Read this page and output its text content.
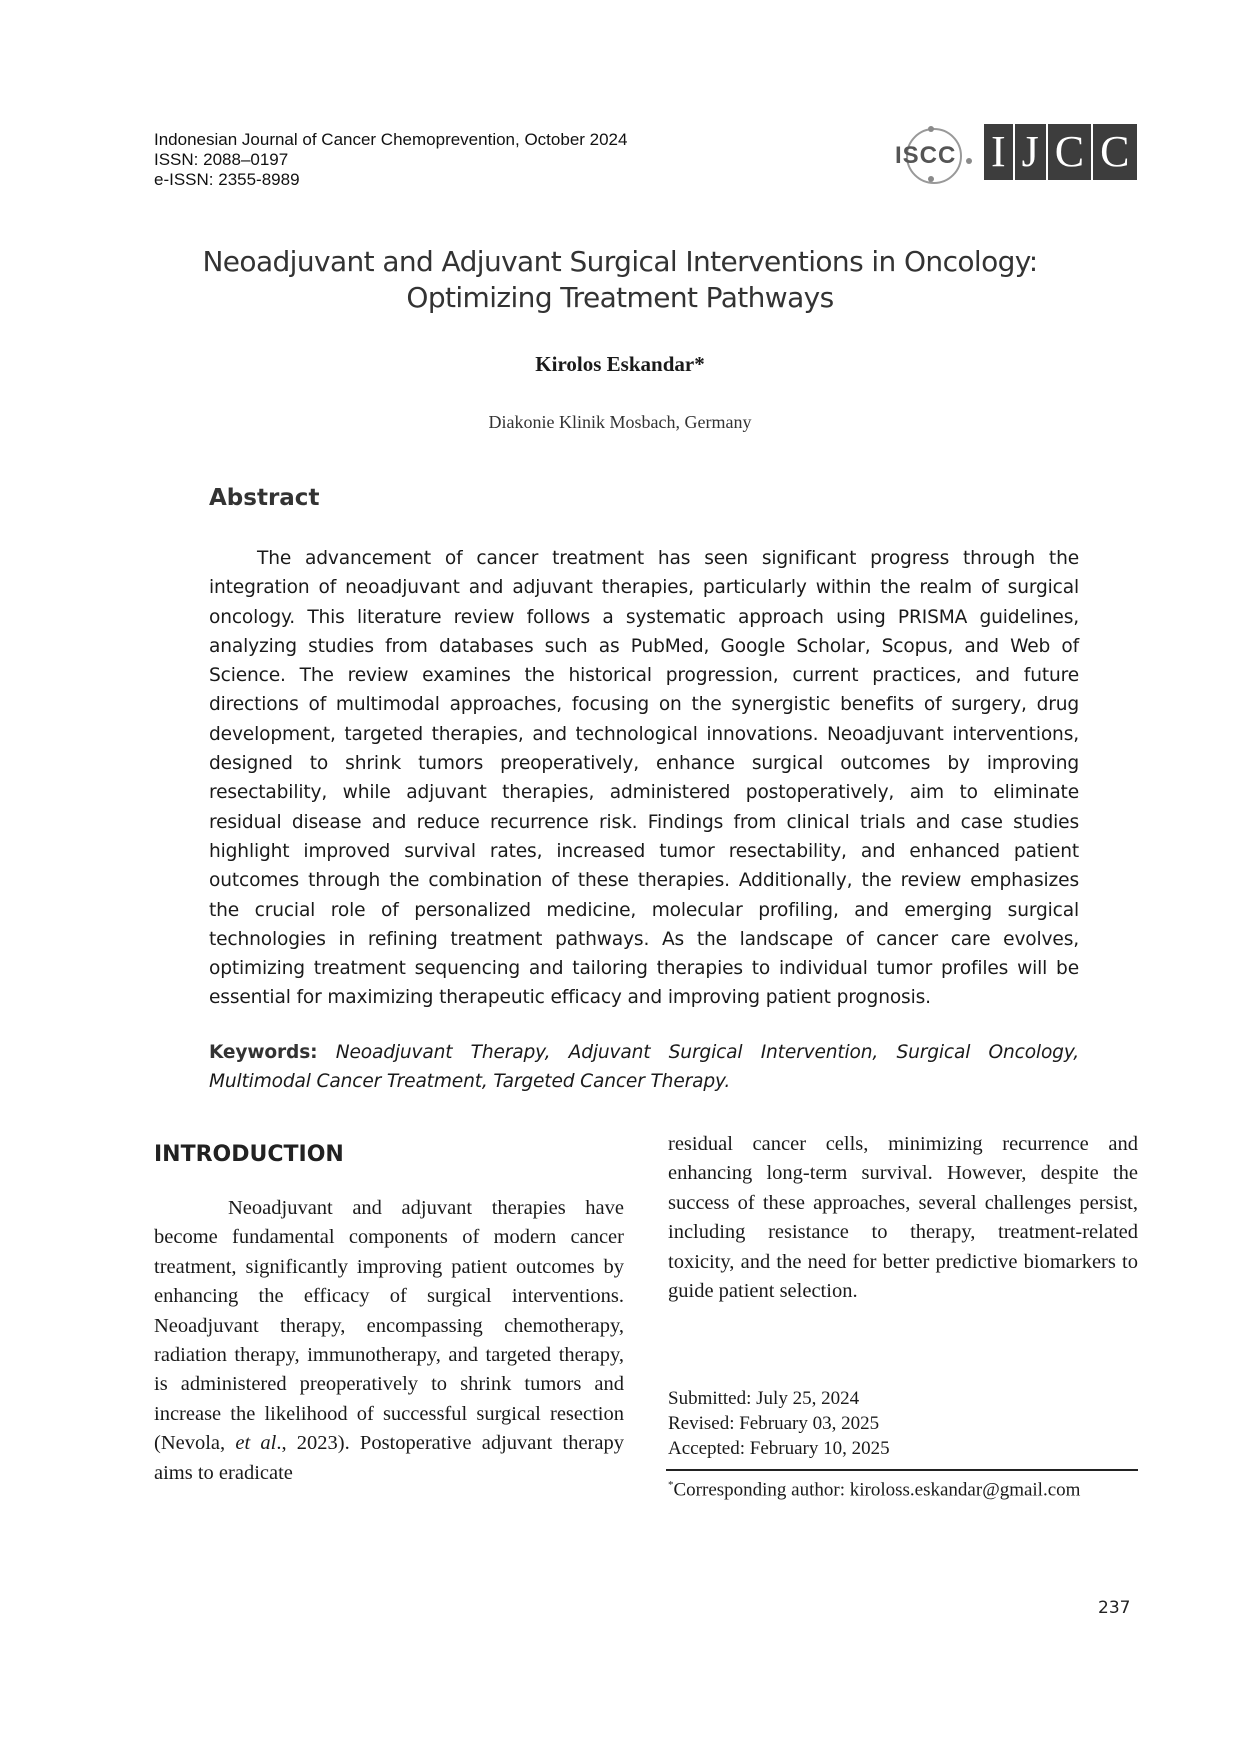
Indonesian Journal of Cancer Chemoprevention, October 2024
ISSN: 2088–0197
e-ISSN: 2355-8989
ISCC I J C C
Neoadjuvant and Adjuvant Surgical Interventions in Oncology: Optimizing Treatment Pathways
Kirolos Eskandar*
Diakonie Klinik Mosbach, Germany
Abstract

The advancement of cancer treatment has seen significant progress through the integration of neoadjuvant and adjuvant therapies, particularly within the realm of surgical oncology. This literature review follows a systematic approach using PRISMA guidelines, analyzing studies from databases such as PubMed, Google Scholar, Scopus, and Web of Science. The review examines the historical progression, current practices, and future directions of multimodal approaches, focusing on the synergistic benefits of surgery, drug development, targeted therapies, and technological innovations. Neoadjuvant interventions, designed to shrink tumors preoperatively, enhance surgical outcomes by improving resectability, while adjuvant therapies, administered postoperatively, aim to eliminate residual disease and reduce recurrence risk. Findings from clinical trials and case studies highlight improved survival rates, increased tumor resectability, and enhanced patient outcomes through the combination of these therapies. Additionally, the review emphasizes the crucial role of personalized medicine, molecular profiling, and emerging surgical technologies in refining treatment pathways. As the landscape of cancer care evolves, optimizing treatment sequencing and tailoring therapies to individual tumor profiles will be essential for maximizing therapeutic efficacy and improving patient prognosis.

Keywords: Neoadjuvant Therapy, Adjuvant Surgical Intervention, Surgical Oncology, Multimodal Cancer Treatment, Targeted Cancer Therapy.

INTRODUCTION

Neoadjuvant and adjuvant therapies have become fundamental components of modern cancer treatment, significantly improving patient outcomes by enhancing the efficacy of surgical interventions. Neoadjuvant therapy, encompassing chemotherapy, radiation therapy, immunotherapy, and targeted therapy, is administered preoperatively to shrink tumors and increase the likelihood of successful surgical resection (Nevola, et al., 2023). Postoperative adjuvant therapy aims to eradicate

residual cancer cells, minimizing recurrence and enhancing long-term survival. However, despite the success of these approaches, several challenges persist, including resistance to therapy, treatment-related toxicity, and the need for better predictive biomarkers to guide patient selection.

Submitted: July 25, 2024
Revised: February 03, 2025
Accepted: February 10, 2025
*Corresponding author: kiroloss.eskandar@gmail.com
237
